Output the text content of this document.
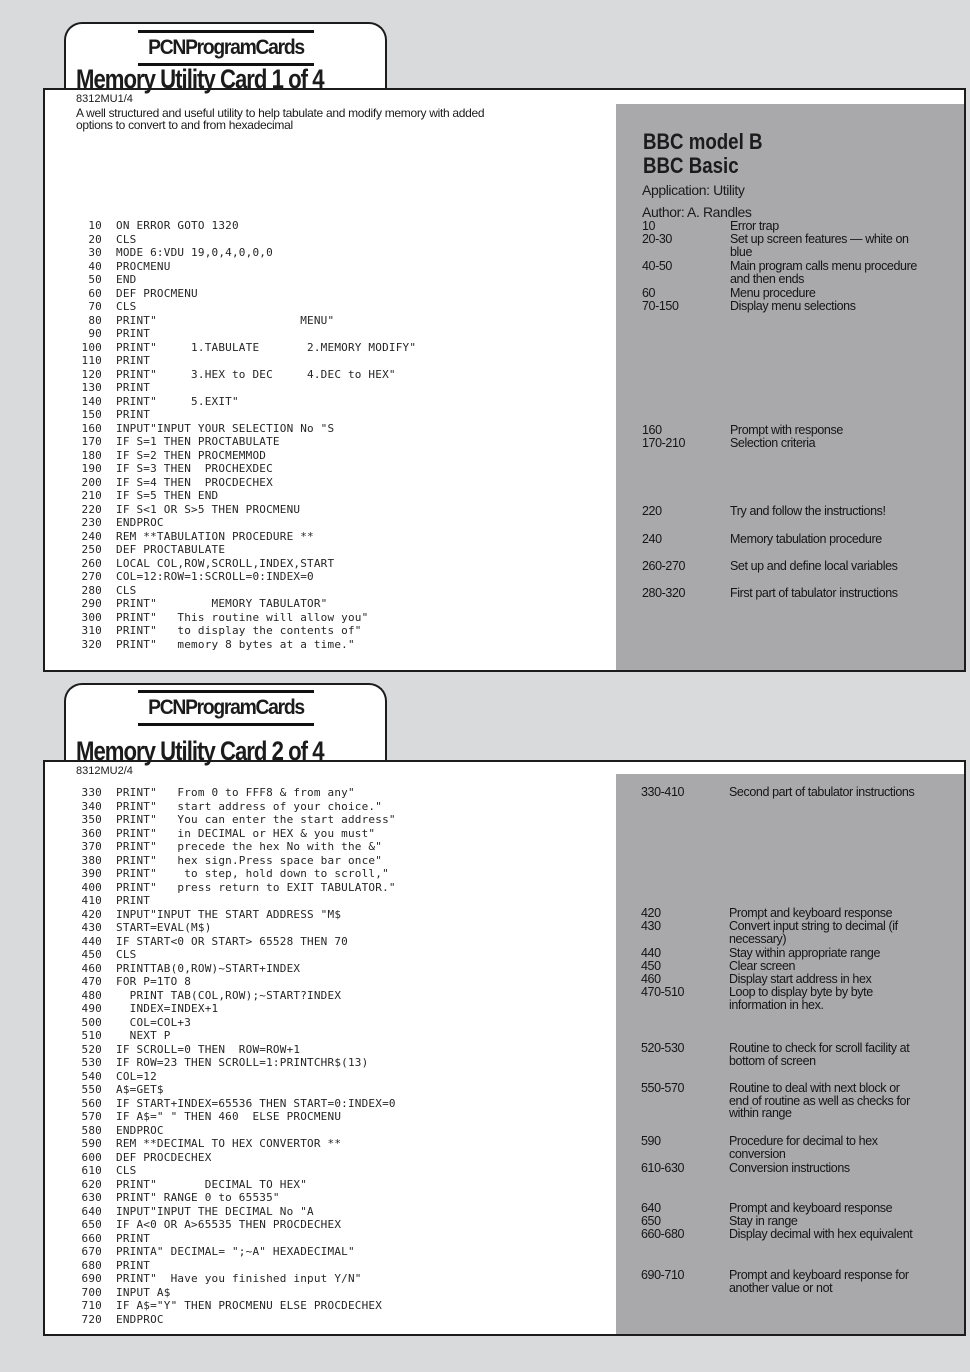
PCNProgramCards
Memory Utility Card 1 of 4
8312MU1/4
A well structured and useful utility to help tabulate and modify memory with added options to convert to and from hexadecimal
BBC model B
BBC Basic
Application: Utility
Author: A. Randles
10 ON ERROR GOTO 1320
20 CLS
30 MODE 6:VDU 19,0,4,0,0,0
40 PROCMENU
50 END
60 DEF PROCMENU
70 CLS
80 PRINT"                     MENU"
90 PRINT
100 PRINT"     1.TABULATE       2.MEMORY MODIFY"
110 PRINT
120 PRINT"     3.HEX to DEC     4.DEC to HEX"
130 PRINT
140 PRINT"     5.EXIT"
150 PRINT
160 INPUT"INPUT YOUR SELECTION No "S
170 IF S=1 THEN PROCTABULATE
180 IF S=2 THEN PROCMEMMOD
190 IF S=3 THEN  PROCHEXDEC
200 IF S=4 THEN  PROCDECHEX
210 IF S=5 THEN END
220 IF S<1 OR S>5 THEN PROCMENU
230 ENDPROC
240 REM **TABULATION PROCEDURE **
250 DEF PROCTABULATE
260 LOCAL COL,ROW,SCROLL,INDEX,START
270 COL=12:ROW=1:SCROLL=0:INDEX=0
280 CLS
290 PRINT"        MEMORY TABULATOR"
300 PRINT"   This routine will allow you"
310 PRINT"   to display the contents of"
320 PRINT"   memory 8 bytes at a time."
10	Error trap
20-30	Set up screen features — white on blue
40-50	Main program calls menu procedure and then ends
60	Menu procedure
70-150	Display menu selections
160	Prompt with response
170-210	Selection criteria
220	Try and follow the instructions!
240	Memory tabulation procedure
260-270	Set up and define local variables
280-320	First part of tabulator instructions
PCNProgramCards
Memory Utility Card 2 of 4
8312MU2/4
330 PRINT"   From 0 to FFF8 & from any"
340 PRINT"   start address of your choice."
350 PRINT"   You can enter the start address"
360 PRINT"   in DECIMAL or HEX & you must"
370 PRINT"   precede the hex No with the &"
380 PRINT"   hex sign.Press space bar once"
390 PRINT"    to step, hold down to scroll,"
400 PRINT"   press return to EXIT TABULATOR."
410 PRINT
420 INPUT"INPUT THE START ADDRESS "M$
430 START=EVAL(M$)
440 IF START<0 OR START> 65528 THEN 70
450 CLS
460 PRINTTAB(0,ROW)~START+INDEX
470 FOR P=1TO 8
480  PRINT TAB(COL,ROW);~START?INDEX
490  INDEX=INDEX+1
500  COL=COL+3
510  NEXT P
520 IF SCROLL=0 THEN  ROW=ROW+1
530 IF ROW=23 THEN SCROLL=1:PRINTCHR$(13)
540 COL=12
550 A$=GET$
560 IF START+INDEX=65536 THEN START=0:INDEX=0
570 IF A$=" " THEN 460  ELSE PROCMENU
580 ENDPROC
590 REM **DECIMAL TO HEX CONVERTOR **
600 DEF PROCDECHEX
610 CLS
620 PRINT"       DECIMAL TO HEX"
630 PRINT" RANGE 0 to 65535"
640 INPUT"INPUT THE DECIMAL No "A
650 IF A<0 OR A>65535 THEN PROCDECHEX
660 PRINT
670 PRINTA" DECIMAL= ";~A" HEXADECIMAL"
680 PRINT
690 PRINT"  Have you finished input Y/N"
700 INPUT A$
710 IF A$="Y" THEN PROCMENU ELSE PROCDECHEX
720 ENDPROC
330-410	Second part of tabulator instructions
420	Prompt and keyboard response
430	Convert input string to decimal (if necessary)
440	Stay within appropriate range
450	Clear screen
460	Display start address in hex
470-510	Loop to display byte by byte information in hex.
520-530	Routine to check for scroll facility at bottom of screen
550-570	Routine to deal with next block or end of routine as well as checks for within range
590	Procedure for decimal to hex conversion
610-630	Conversion instructions
640	Prompt and keyboard response
650	Stay in range
660-680	Display decimal with hex equivalent
690-710	Prompt and keyboard response for another value or not
